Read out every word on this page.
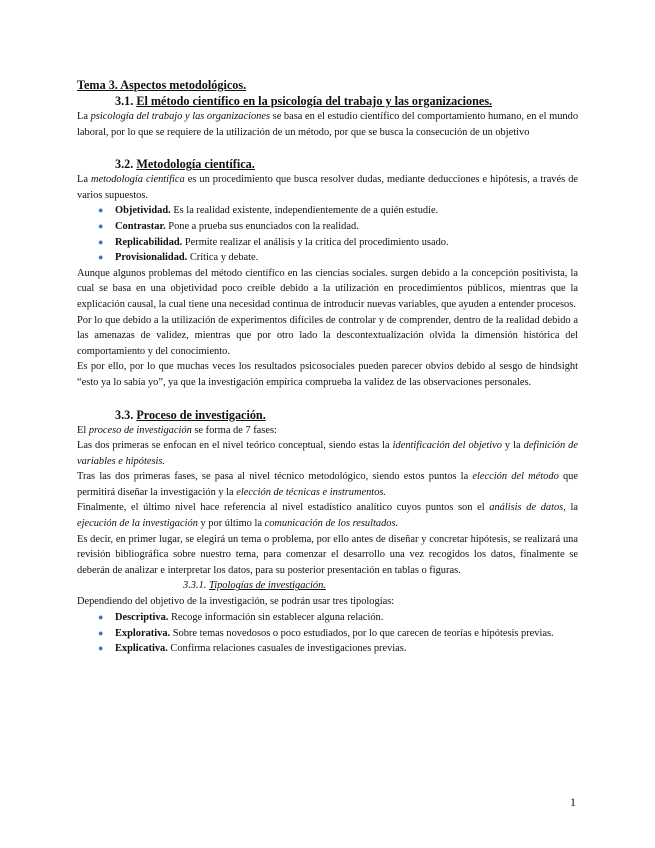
Tema 3. Aspectos metodológicos.
3.1. El método científico en la psicología del trabajo y las organizaciones.

La psicología del trabajo y las organizaciones se basa en el estudio científico del comportamiento humano, en el mundo laboral, por lo que se requiere de la utilización de un método, por que se busca la consecución de un objetivo

3.2. Metodología científica.

La metodología científica es un procedimiento que busca resolver dudas, mediante deducciones e hipótesis, a través de varios supuestos.

● Objetividad. Es la realidad existente, independientemente de a quién estudie.
● Contrastar. Pone a prueba sus enunciados con la realidad.
● Replicabilidad. Permite realizar el análisis y la crítica del procedimiento usado.
● Provisionalidad. Crítica y debate.

Aunque algunos problemas del método científico en las ciencias sociales. surgen debido a la concepción positivista, la cual se basa en una objetividad poco creíble debido a la utilización en procedimientos públicos, mientras que la explicación causal, la cual tiene una necesidad continua de introducir nuevas variables, que ayuden a entender procesos.

Por lo que debido a la utilización de experimentos difíciles de controlar y de comprender, dentro de la realidad debido a las amenazas de validez, mientras que por otro lado la descontextualización olvida la dimensión histórica del comportamiento y del conocimiento.

Es por ello, por lo que muchas veces los resultados psicosociales pueden parecer obvios debido al sesgo de hindsight “esto ya lo sabía yo”, ya que la investigación empírica comprueba la validez de las observaciones personales.

3.3. Proceso de investigación.

El proceso de investigación se forma de 7 fases:

Las dos primeras se enfocan en el nivel teórico conceptual, siendo estas la identificación del objetivo y la definición de variables e hipótesis.

Tras las dos primeras fases, se pasa al nivel técnico metodológico, siendo estos puntos la elección del método que permitirá diseñar la investigación y la elección de técnicas e instrumentos.

Finalmente, el último nivel hace referencia al nivel estadístico analítico cuyos puntos son el análisis de datos, la ejecución de la investigación y por último la comunicación de los resultados.

Es decir, en primer lugar, se elegirá un tema o problema, por ello antes de diseñar y concretar hipótesis, se realizará una revisión bibliográfica sobre nuestro tema, para comenzar el desarrollo una vez recogidos los datos, finalmente se deberán de analizar e interpretar los datos, para su posterior presentación en tablas o figuras.

3.3.1. Tipologías de investigación.

Dependiendo del objetivo de la investigación, se podrán usar tres tipologías:

● Descriptiva. Recoge información sin establecer alguna relación.
● Explorativa. Sobre temas novedosos o poco estudiados, por lo que carecen de teorías e hipótesis previas.
● Explicativa. Confirma relaciones casuales de investigaciones previas.
1
